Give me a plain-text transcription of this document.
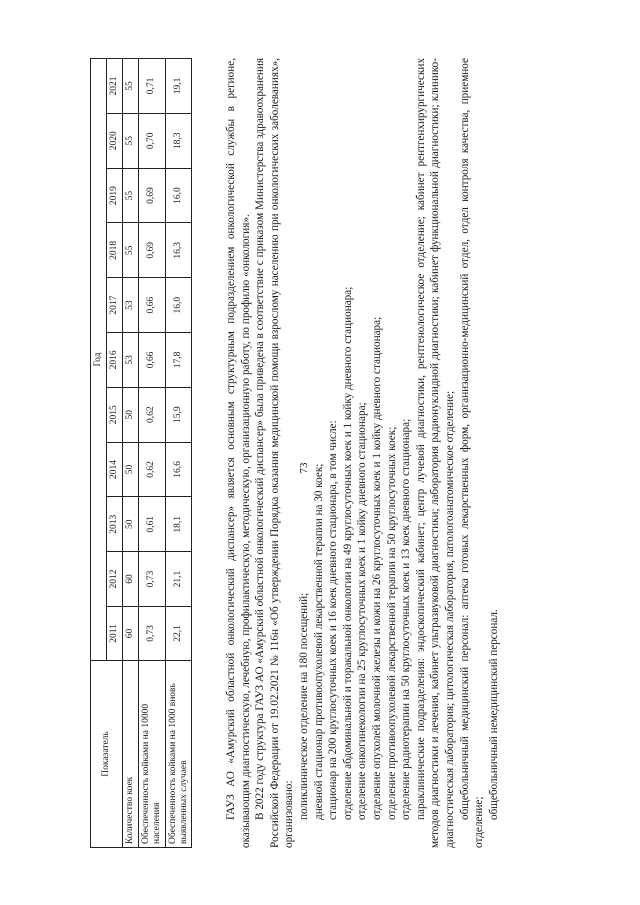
73
Показатель	Год										
	2011	2012	2013	2014	2015	2016	2017	2018	2019	2020	2021
Количество коек	60	60	50	50	50	53	53	55	55	55	55
Обеспеченность койками на 10000 населения	0,73	0,73	0,61	0,62	0,62	0,66	0,66	0,69	0,69	0,70	0,71
Обеспеченность койками на 1000 вновь выявленных случаев	22,1	21,1	18,1	16,6	15,9	17,8	16,0	16,3	16,0	18,3	19,1	ГАУЗ АО «Амурский областной онкологический диспансер» является основным структурным подразделением онкологической службы в регионе, оказывающим диагностическую, лечебную, профилактическую, методическую, организационную работу, по профилю «онкология». В 2022 году структура ГАУЗ АО «Амурский областной онкологический диспансер» была приведена в соответствие с приказом Министерства здравоохранения Российской Федерации от 19.02.2021 № 116н «Об утверждении Порядка оказания медицинской помощи взрослому населению при онкологических заболеваниях», организовано: поликлиническое отделение на 180 посещений; дневной стационар противоопухолевой лекарственной терапии на 30 коек; стационар на 200 круглосуточных коек и 16 коек дневного стационара, в том числе: отделение абдоминальной и торакальной онкологии на 49 круглосуточных коек и 1 койку дневного стационара; отделение онкогинекологии на 25 круглосуточных коек и 1 койку дневного стационара; отделение опухолей молочной железы и кожи на 26 круглосуточных коек и 1 койку дневного стационара; отделение противоопухолевой лекарственной терапии на 50 круглосуточных коек; отделение радиотерапии на 50 круглосуточных коек и 13 коек дневного стационара; параклинические подразделения: эндоскопический кабинет; центр лучевой диагностики, рентгенологическое отделение; кабинет рентгенхирургических методов диагностики и лечения, кабинет ультразвуковой диагностики; лаборатория радионуклидной диагностики; кабинет функциональной диагностики; клинико-диагностическая лаборатория; цитологическая лаборатория, патологоанатомическое отделение; общебольничный медицинский персонал: аптека готовых лекарственных форм, организационно-медицинский отдел, отдел контроля качества, приемное отделение;

общебольничный немедицинский персонал.
